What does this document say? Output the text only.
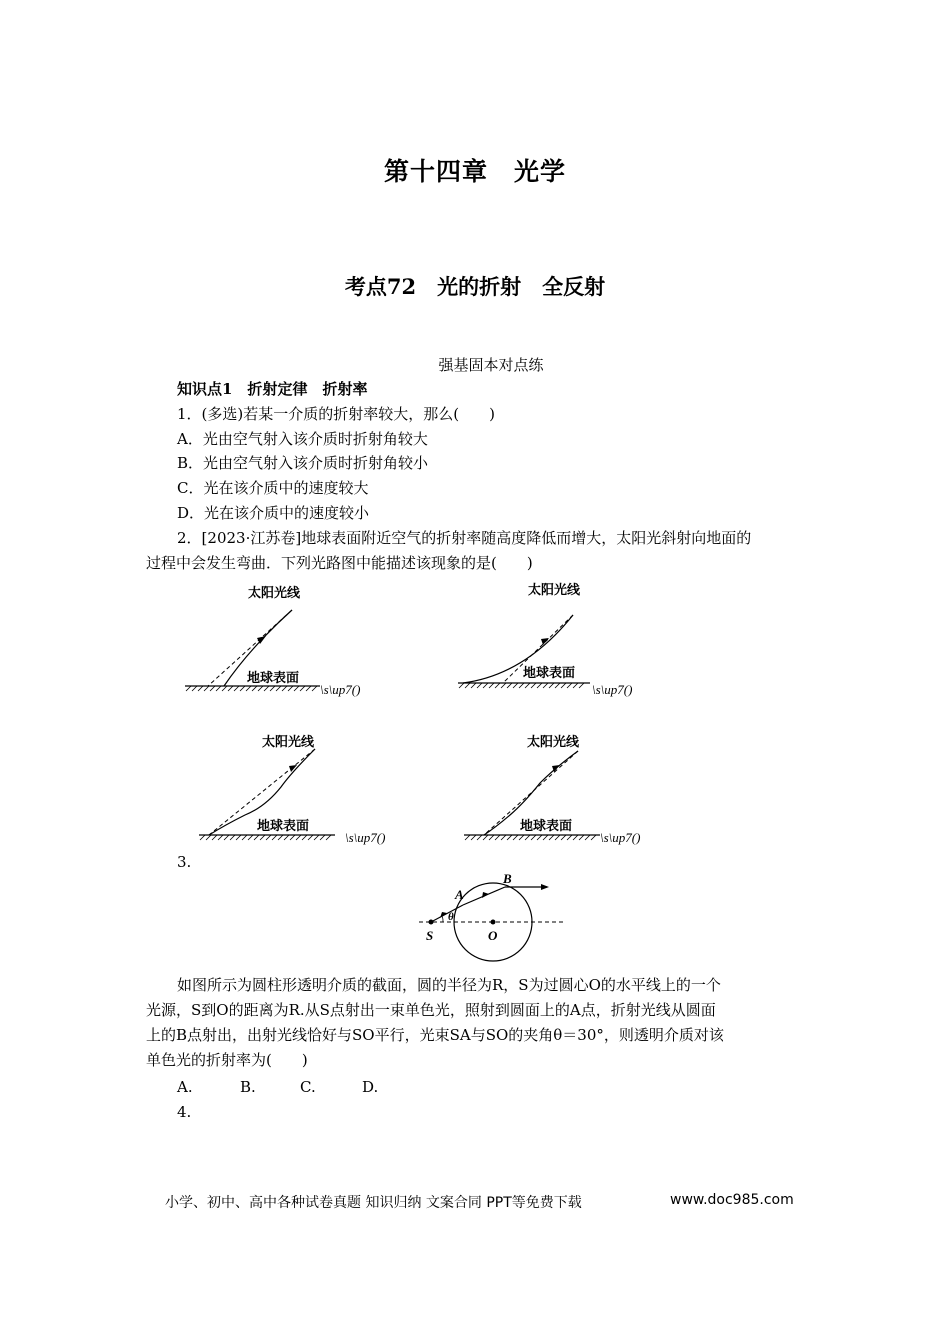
第十四章　光学
考点72　光的折射　全反射
强基固本对点练
知识点1　折射定律　折射率
1．(多选)若某一介质的折射率较大，那么(　　)
A．光由空气射入该介质时折射角较大
B．光由空气射入该介质时折射角较小
C．光在该介质中的速度较大
D．光在该介质中的速度较小
2．[2023·江苏卷]地球表面附近空气的折射率随高度降低而增大，太阳光斜射向地面的
过程中会发生弯曲．下列光路图中能描述该现象的是(　　)
太阳光线
地球表面
\s\up7()
太阳光线
地球表面
\s\up7()
太阳光线
地球表面
\s\up7()
太阳光线
地球表面
\s\up7()
3.
A
B
S	O
θ
如图所示为圆柱形透明介质的截面，圆的半径为R，S为过圆心O的水平线上的一个
光源，S到O的距离为R.从S点射出一束单色光，照射到圆面上的A点，折射光线从圆面
上的B点射出，出射光线恰好与SO平行，光束SA与SO的夹角θ＝30°，则透明介质对该
单色光的折射率为(　　)
A.	B.	C.	D.
4.
小学、初中、高中各种试卷真题 知识归纳 文案合同 PPT等免费下载	www.doc985.com
